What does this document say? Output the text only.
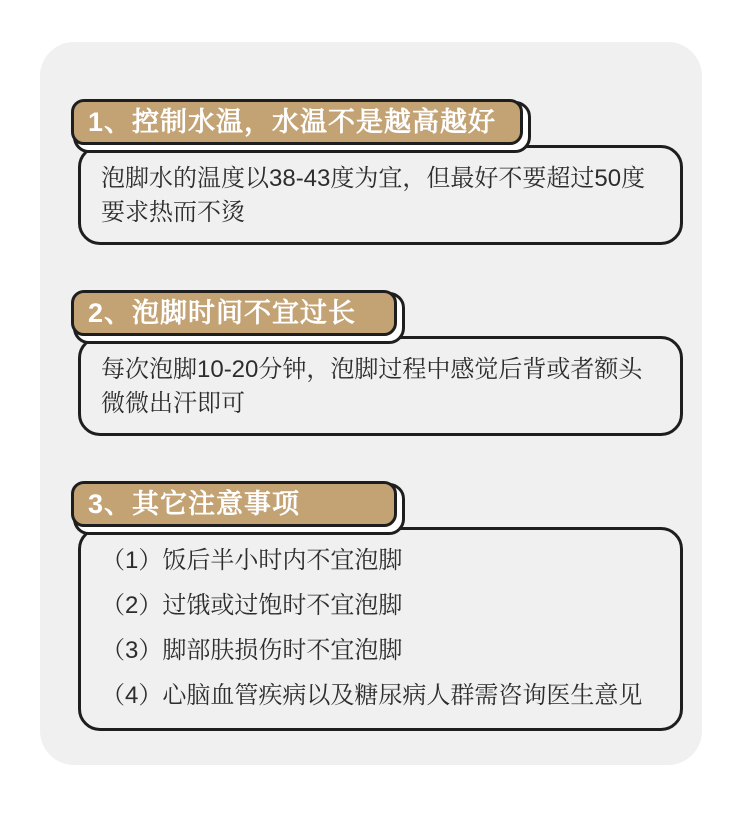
1、控制水温，水温不是越高越好
泡脚水的温度以38-43度为宜，但最好不要超过50度
要求热而不烫
2、泡脚时间不宜过长
每次泡脚10-20分钟，泡脚过程中感觉后背或者额头
微微出汗即可
3、其它注意事项
（1）饭后半小时内不宜泡脚
（2）过饿或过饱时不宜泡脚
（3）脚部肤损伤时不宜泡脚
（4）心脑血管疾病以及糖尿病人群需咨询医生意见
